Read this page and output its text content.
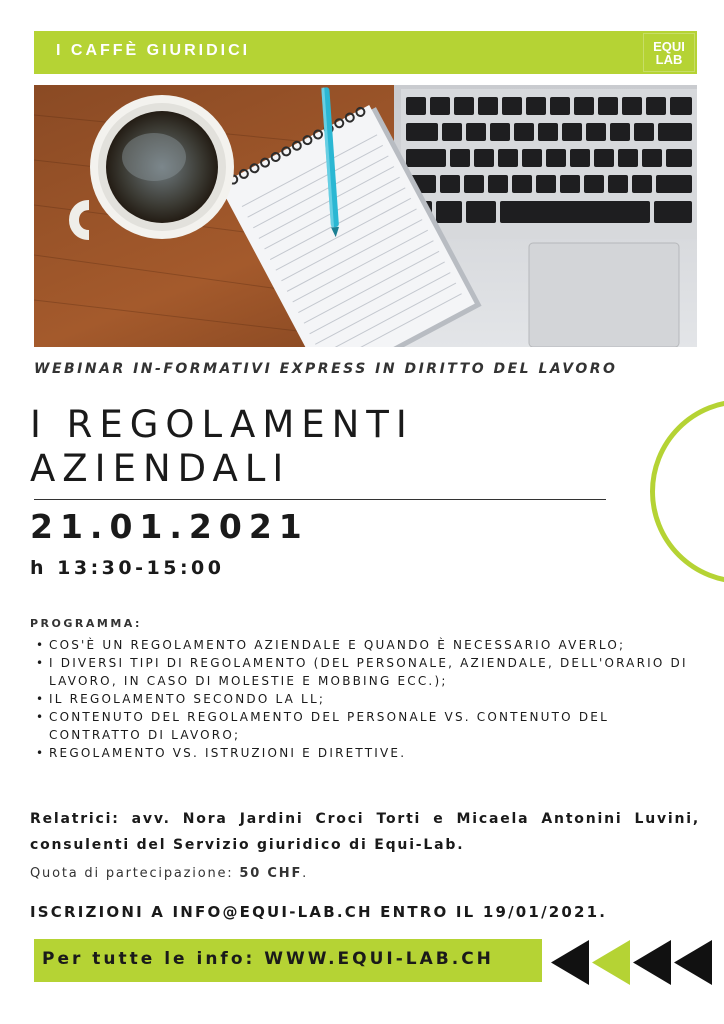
I CAFFÈ GIURIDICI	EQUI
LAB
WEBINAR IN-FORMATIVI EXPRESS IN DIRITTO DEL LAVORO
I REGOLAMENTI AZIENDALI
21.01.2021
h 13:30-15:00
PROGRAMMA:
• COS'È UN REGOLAMENTO AZIENDALE E QUANDO È NECESSARIO AVERLO;
• I DIVERSI TIPI DI REGOLAMENTO (DEL PERSONALE, AZIENDALE, DELL'ORARIO DI LAVORO, IN CASO DI MOLESTIE E MOBBING ECC.);
• IL REGOLAMENTO SECONDO LA LL;
• CONTENUTO DEL REGOLAMENTO DEL PERSONALE VS. CONTENUTO DEL CONTRATTO DI LAVORO;
• REGOLAMENTO VS. ISTRUZIONI E DIRETTIVE.

Relatrici: avv. Nora Jardini Croci Torti e Micaela Antonini Luvini, consulenti del Servizio giuridico di Equi-Lab.

Quota di partecipazione: 50 CHF.
ISCRIZIONI A INFO@EQUI-LAB.CH ENTRO IL 19/01/2021.
Per tutte le info: WWW.EQUI-LAB.CH
